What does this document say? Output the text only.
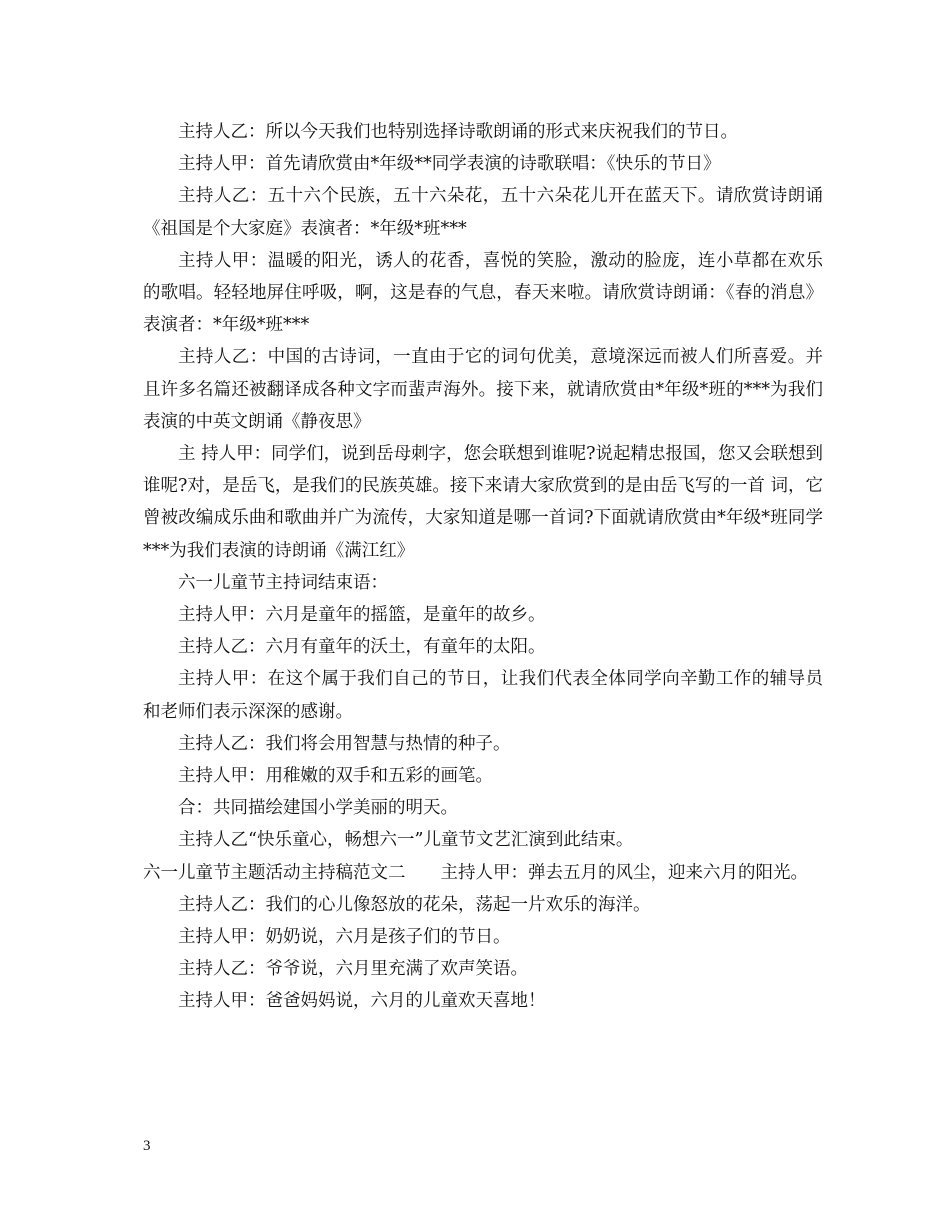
主持人乙：所以今天我们也特别选择诗歌朗诵的形式来庆祝我们的节日。

主持人甲：首先请欣赏由*年级**同学表演的诗歌联唱：《快乐的节日》

主持人乙：五十六个民族，五十六朵花，五十六朵花儿开在蓝天下。请欣赏诗朗诵《祖国是个大家庭》表演者：*年级*班***

主持人甲：温暖的阳光，诱人的花香，喜悦的笑脸，激动的脸庞，连小草都在欢乐的歌唱。轻轻地屏住呼吸，啊，这是春的气息，春天来啦。请欣赏诗朗诵：《春的消息》表演者：*年级*班***

主持人乙：中国的古诗词，一直由于它的词句优美，意境深远而被人们所喜爱。并且许多名篇还被翻译成各种文字而蜚声海外。接下来，就请欣赏由*年级*班的***为我们表演的中英文朗诵《静夜思》

主 持人甲：同学们，说到岳母刺字，您会联想到谁呢?说起精忠报国，您又会联想到谁呢?对，是岳飞，是我们的民族英雄。接下来请大家欣赏到的是由岳飞写的一首 词，它曾被改编成乐曲和歌曲并广为流传，大家知道是哪一首词?下面就请欣赏由*年级*班同学***为我们表演的诗朗诵《满江红》

六一儿童节主持词结束语：

主持人甲：六月是童年的摇篮，是童年的故乡。

主持人乙：六月有童年的沃土，有童年的太阳。

主持人甲：在这个属于我们自己的节日，让我们代表全体同学向辛勤工作的辅导员和老师们表示深深的感谢。

主持人乙：我们将会用智慧与热情的种子。

主持人甲：用稚嫩的双手和五彩的画笔。

合：共同描绘建国小学美丽的明天。

主持人乙“快乐童心，畅想六一”儿童节文艺汇演到此结束。

六一儿童节主题活动主持稿范文二　　主持人甲：弹去五月的风尘，迎来六月的阳光。

主持人乙：我们的心儿像怒放的花朵，荡起一片欢乐的海洋。

主持人甲：奶奶说，六月是孩子们的节日。

主持人乙：爷爷说，六月里充满了欢声笑语。

主持人甲：爸爸妈妈说，六月的儿童欢天喜地！

3
